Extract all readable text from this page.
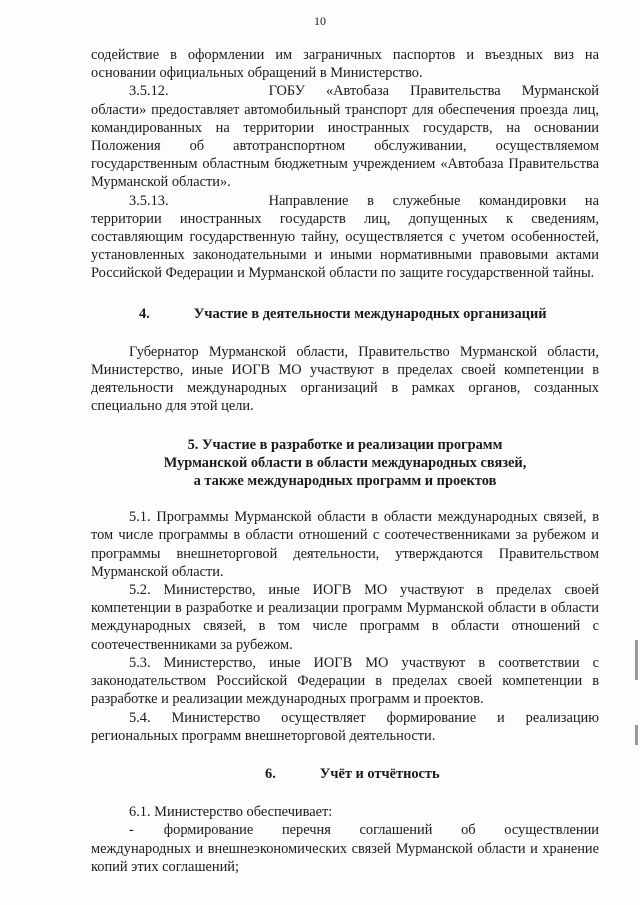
10

содействие в оформлении им заграничных паспортов и въездных виз на основании официальных обращений в Министерство.

3.5.12.	ГОБУ «Автобаза Правительства Мурманской области» предоставляет автомобильный транспорт для обеспечения проезда лиц, командированных на территории иностранных государств, на основании Положения об автотранспортном обслуживании, осуществляемом государственным областным бюджетным учреждением «Автобаза Правительства Мурманской области».

3.5.13.	Направление в служебные командировки на территории иностранных государств лиц, допущенных к сведениям, составляющим государственную тайну, осуществляется с учетом особенностей, установленных законодательными и иными нормативными правовыми актами Российской Федерации и Мурманской области по защите государственной тайны.

4.	Участие в деятельности международных организаций

Губернатор Мурманской области, Правительство Мурманской области, Министерство, иные ИОГВ МО участвуют в пределах своей компетенции в деятельности международных организаций в рамках органов, созданных специально для этой цели.

5. Участие в разработке и реализации программ
Мурманской области в области международных связей,
а также международных программ и проектов

5.1. Программы Мурманской области в области международных связей, в том числе программы в области отношений с соотечественниками за рубежом и программы внешнеторговой деятельности, утверждаются Правительством Мурманской области.

5.2. Министерство, иные ИОГВ МО участвуют в пределах своей компетенции в разработке и реализации программ Мурманской области в области международных связей, в том числе программ в области отношений с соотечественниками за рубежом.

5.3. Министерство, иные ИОГВ МО участвуют в соответствии с законодательством Российской Федерации в пределах своей компетенции в разработке и реализации международных программ и проектов.

5.4. Министерство осуществляет формирование и реализацию региональных программ внешнеторговой деятельности.

6.	Учёт и отчётность

6.1. Министерство обеспечивает:

- формирование перечня соглашений об осуществлении международных и внешнеэкономических связей Мурманской области и хранение копий этих соглашений;
